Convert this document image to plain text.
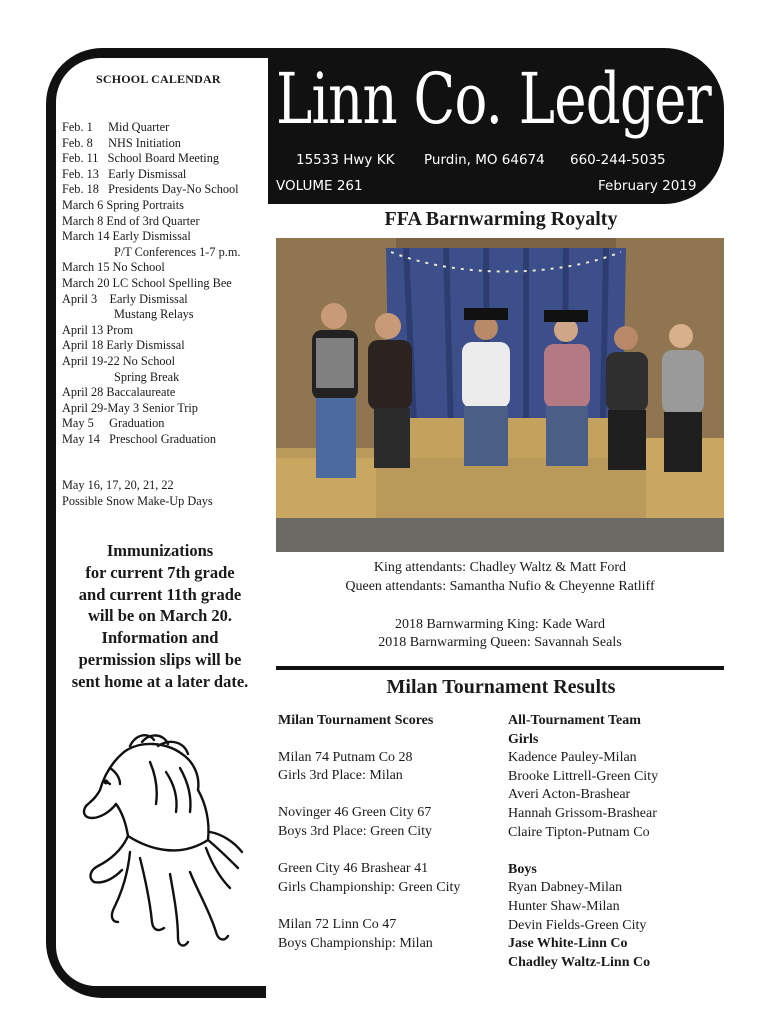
Linn Co. Ledger
15533 Hwy KK Purdin, MO 64674 660-244-5035
VOLUME 261	February 2019
SCHOOL CALENDAR
Feb. 1     Mid Quarter
Feb. 8     NHS Initiation
Feb. 11   School Board Meeting
Feb. 13   Early Dismissal
Feb. 18   Presidents Day-No School
March 6 Spring Portraits
March 8 End of 3rd Quarter
March 14 Early Dismissal
P/T Conferences 1-7 p.m.
March 15 No School
March 20 LC School Spelling Bee
April 3    Early Dismissal
Mustang Relays
April 13 Prom
April 18 Early Dismissal
April 19-22 No School
Spring Break
April 28 Baccalaureate
April 29-May 3 Senior Trip
May 5     Graduation
May 14   Preschool Graduation
May 16, 17, 20, 21, 22
Possible Snow Make-Up Days
Immunizations
for current 7th grade
and current 11th grade
will be on March 20.
Information and
permission slips will be
sent home at a later date.
FFA Barnwarming Royalty
King attendants: Chadley Waltz & Matt Ford
Queen attendants: Samantha Nufio & Cheyenne Ratliff
2018 Barnwarming King: Kade Ward
2018 Barnwarming Queen: Savannah Seals
Milan Tournament Results
Milan Tournament Scores
Milan 74 Putnam Co 28
Girls 3rd Place: Milan
Novinger 46 Green City 67
Boys 3rd Place: Green City
Green City 46 Brashear 41
Girls Championship: Green City
Milan 72 Linn Co 47
Boys Championship: Milan
All-Tournament Team
Girls
Kadence Pauley-Milan
Brooke Littrell-Green City
Averi Acton-Brashear
Hannah Grissom-Brashear
Claire Tipton-Putnam Co
Boys
Ryan Dabney-Milan
Hunter Shaw-Milan
Devin Fields-Green City
Jase White-Linn Co
Chadley Waltz-Linn Co
